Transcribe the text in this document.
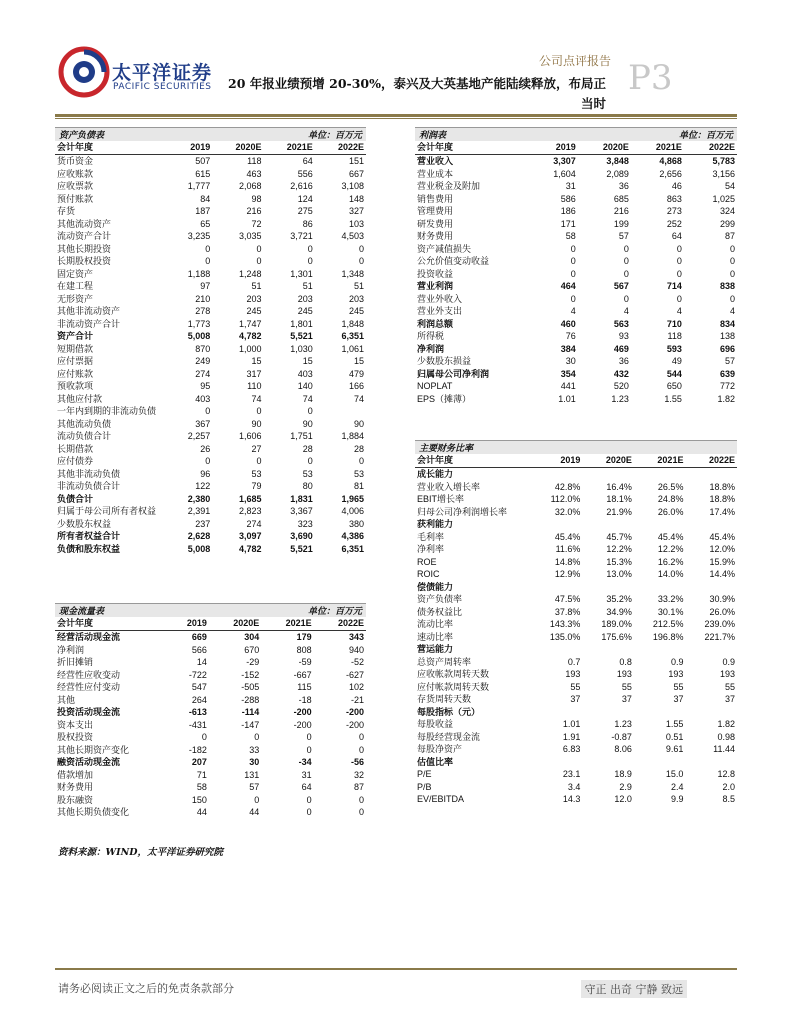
太平洋证券
PACIFIC SECURITIES
公司点评报告
20 年报业绩预增 20-30%，泰兴及大英基地产能陆续释放，布局正当时
P3
资产负债表	单位：百万元
会计年度	2019	2020E	2021E	2022E
货币资金	507	118	64	151
应收账款	615	463	556	667
应收票款	1,777	2,068	2,616	3,108
预付账款	84	98	124	148
存货	187	216	275	327
其他流动资产	65	72	86	103
流动资产合计	3,235	3,035	3,721	4,503
其他长期投资	0	0	0	0
长期股权投资	0	0	0	0
固定资产	1,188	1,248	1,301	1,348
在建工程	97	51	51	51
无形资产	210	203	203	203
其他非流动资产	278	245	245	245
非流动资产合计	1,773	1,747	1,801	1,848
资产合计	5,008	4,782	5,521	6,351
短期借款	870	1,000	1,030	1,061
应付票据	249	15	15	15
应付账款	274	317	403	479
预收款项	95	110	140	166
其他应付款	403	74	74	74
一年内到期的非流动负债	0	0	0	
其他流动负债	367	90	90	90
流动负债合计	2,257	1,606	1,751	1,884
长期借款	26	27	28	28
应付债券	0	0	0	0
其他非流动负债	96	53	53	53
非流动负债合计	122	79	80	81
负债合计	2,380	1,685	1,831	1,965
归属于母公司所有者权益	2,391	2,823	3,367	4,006
少数股东权益	237	274	323	380
所有者权益合计	2,628	3,097	3,690	4,386
负债和股东权益	5,008	4,782	5,521	6,351
现金流量表	单位：百万元
会计年度	2019	2020E	2021E	2022E
经营活动现金流	669	304	179	343
净利润	566	670	808	940
折旧摊销	14	-29	-59	-52
经营性应收变动	-722	-152	-667	-627
经营性应付变动	547	-505	115	102
其他	264	-288	-18	-21
投资活动现金流	-613	-114	-200	-200
资本支出	-431	-147	-200	-200
股权投资	0	0	0	0
其他长期资产变化	-182	33	0	0
融资活动现金流	207	30	-34	-56
借款增加	71	131	31	32
财务费用	58	57	64	87
股东融资	150	0	0	0
其他长期负债变化	44	44	0	0
利润表	单位：百万元
会计年度	2019	2020E	2021E	2022E
营业收入	3,307	3,848	4,868	5,783
营业成本	1,604	2,089	2,656	3,156
营业税金及附加	31	36	46	54
销售费用	586	685	863	1,025
管理费用	186	216	273	324
研发费用	171	199	252	299
财务费用	58	57	64	87
资产减值损失	0	0	0	0
公允价值变动收益	0	0	0	0
投资收益	0	0	0	0
营业利润	464	567	714	838
营业外收入	0	0	0	0
营业外支出	4	4	4	4
利润总额	460	563	710	834
所得税	76	93	118	138
净利润	384	469	593	696
少数股东损益	30	36	49	57
归属母公司净利润	354	432	544	639
NOPLAT	441	520	650	772
EPS（摊薄）	1.01	1.23	1.55	1.82
主要财务比率
会计年度	2019	2020E	2021E	2022E
成长能力				
营业收入增长率	42.8%	16.4%	26.5%	18.8%
EBIT增长率	112.0%	18.1%	24.8%	18.8%
归母公司净利润增长率	32.0%	21.9%	26.0%	17.4%
获利能力				
毛利率	45.4%	45.7%	45.4%	45.4%
净利率	11.6%	12.2%	12.2%	12.0%
ROE	14.8%	15.3%	16.2%	15.9%
ROIC	12.9%	13.0%	14.0%	14.4%
偿债能力				
资产负债率	47.5%	35.2%	33.2%	30.9%
债务权益比	37.8%	34.9%	30.1%	26.0%
流动比率	143.3%	189.0%	212.5%	239.0%
速动比率	135.0%	175.6%	196.8%	221.7%
营运能力				
总资产周转率	0.7	0.8	0.9	0.9
应收帐款周转天数	193	193	193	193
应付帐款周转天数	55	55	55	55
存货周转天数	37	37	37	37
每股指标（元）				
每股收益	1.01	1.23	1.55	1.82
每股经营现金流	1.91	-0.87	0.51	0.98
每股净资产	6.83	8.06	9.61	11.44
估值比率				
P/E	23.1	18.9	15.0	12.8
P/B	3.4	2.9	2.4	2.0
EV/EBITDA	14.3	12.0	9.9	8.5
资料来源：WIND，太平洋证券研究院
请务必阅读正文之后的免责条款部分	守正 出奇 宁静 致远
